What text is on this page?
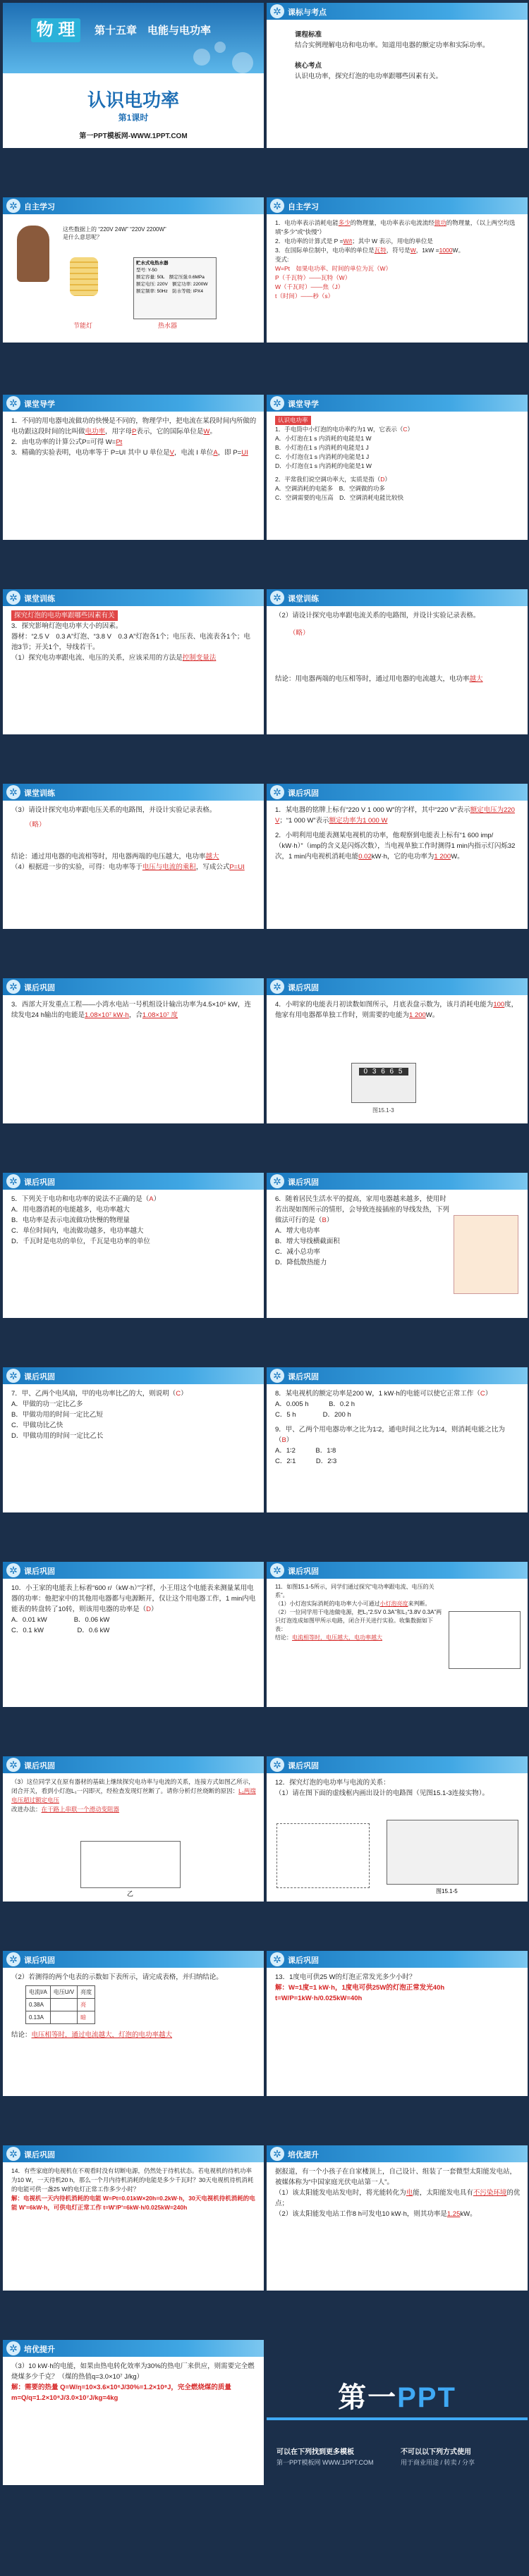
物 理	第十五章　电能与电功率
认识电功率
第1课时
第一PPT模板网-WWW.1PPT.COM
✲ 课标与考点

课程标准

结合实例理解电功和电功率。知道用电器的额定功率和实际功率。

核心考点

认识电功率，探究灯泡的电功率跟哪些因素有关。

✲ 自主学习
这些数据上的 “220V 24W” “220V 2200W” 是什么意思呢？
贮水式电热水器
型号: Y-50
额定容量: 50L　额定压强:0.6MPa
额定电压: 220V　额定功率: 2200W
额定频率: 50Hz　防水等级: IPX4
节能灯	热水器
✲ 自主学习

1．电功率表示消耗电能多少的物理量，电功率表示电流流经做功的物理量，（以上两空均选填“多少”或“快慢”）

2．电功率的计算式是 P =W/t；其中 W 表示，用电的单位是

3．在国际单位制中，电功率的单位是瓦特，符号是W，1kW =1000W。

变式:

W=Pt　如果电功率、时间的单位为瓦（W）

P（千瓦特）——瓦特（W）

W（千瓦时）——焦（J）

t（时间）——秒（s）

✲ 课堂导学

1．不同的用电器电流做功的快慢是不同的，物理学中，把电流在某段时间内所做的电功跟这段时间的比叫做电功率，用字母P表示，它的国际单位是W。

2．由电功率的计算公式P=可得 W=Pt

3．精确的实验表明，电功率等于 P=UI 其中 U 单位是V，电流 I 单位A，即 P=UI

✲ 课堂导学

认识电功率

1．手电筒中小灯泡的电功率约为1 W，它表示（C）

A．小灯泡在1 s 内消耗的电能是1 W

B．小灯泡在1 s 内消耗的电能是1 J

C．小灯泡在1 s 内消耗的电能是1 J

D．小灯泡在1 s 内消耗的电能是1 W

2．平常我们说空调功率大，实质是指（D）

A．空调消耗的电能多　B．空调做的功多

C．空调需要的电压高　D．空调消耗电能比较快

✲ 课堂训练

探究灯泡的电功率跟哪些因素有关

3．探究影响灯泡电功率大小的因素。

器材：“2.5 V　0.3 A”灯泡、“3.8 V　0.3 A”灯泡各1个；电压表、电流表各1个；电池3节；开关1个，导线若干。

（1）探究电功率跟电流、电压的关系，应该采用的方法是控制变量法

✲ 课堂训练

（2）请设计探究电功率跟电流关系的电路图，并设计实验记录表格。

（略）

结论：用电器两端的电压相等时，通过用电器的电流越大，电功率越大

✲ 课堂训练

（3）请设计探究电功率跟电压关系的电路图，并设计实验记录表格。

（略）

结论：通过用电器的电流相等时，用电器两端的电压越大，电功率越大

（4）根据进一步的实验，可得：电功率等于电压与电流的乘积，写成公式P=UI

✲ 课后巩固

1．某电器的铭牌上标有“220 V 1 000 W”的字样，其中“220 V”表示额定电压为220 V；“1 000 W”表示额定功率为1 000 W

2．小明利用电能表测某电视机的功率，他观察到电能表上标有“1 600 imp/（kW·h）”（imp的含义是闪烁次数），当电视单独工作时测得1 min内指示灯闪烁32次，1 min内电视机消耗电能0.02kW·h，它的电功率为1 200W。

✲ 课后巩固

3．西部大开发重点工程——小湾水电站一号机组设计输出功率为4.5×10⁵ kW，连续发电24 h输出的电能是1.08×10⁷ kW·h，合1.08×10⁷ 度

✲ 课后巩固

4．小明家的电能表月初读数如图所示，月底表盘示数为，该月消耗电能为100度，他家有用电器都单独工作时，则需要的电能为1 200W。

0 3 6 6 5
图15.1-3
✲ 课后巩固

5．下列关于电功和电功率的说法不正确的是（A）

A．用电器消耗的电能越多，电功率越大

B．电功率是表示电流做功快慢的物理量

C．单位时间内，电流做功越多，电功率越大

D．千瓦时是电功的单位，千瓦是电功率的单位

✲ 课后巩固

6．随着居民生活水平的提高，家用电器越来越多，使用时若出现如图所示的情形，会导致连接插座的导线发热，下列做法可行的是（B）

A．增大电功率

B．增大导线横截面积

C．减小总功率

D．降低散热能力

✲ 课后巩固

7．甲、乙两个电风扇，甲的电功率比乙的大，则说明（C）

A．甲做的功一定比乙多

B．甲做功用的时间一定比乙短

C．甲做功比乙快

D．甲做功用的时间一定比乙长

✲ 课后巩固

8．某电视机的额定功率是200 W，1 kW·h的电能可以使它正常工作（C）

A．0.005 h　　　	B．0.2 h

C．5 h　　　　	D．200 h

9．甲、乙两个用电器功率之比为1∶2，通电时间之比为1∶4，则消耗电能之比为（B）

A．1∶2　　　	B．1∶8

C．2∶1　　　	D．2∶3

✲ 课后巩固

10．小王家的电能表上标着“600 r/（kW·h）”字样，小王用这个电能表来测量某用电器的功率：他把家中的其他用电器都与电源断开，仅让这个用电器工作，1 min内电能表的转盘转了10转，则该用电器的功率是（D）

A．0.01 kW　　　　	B．0.06 kW

C．0.1 kW　　　　　	D．0.6 kW

✲ 课后巩固

11．如图15.1-5所示，同学们通过探究“电功率跟电流、电压的关系”。

（1）小灯泡实际消耗的电功率大小可通过小灯泡亮度来判断。

（2）一位同学用干电池做电源，把L₁“2.5V 0.3A”和L₂“3.8V 0.3A”两只灯泡连成如图甲所示电路，闭合开关进行实验。收集数据如下表：

结论：电流相等时，电压越大，电功率越大

✲ 课后巩固

（3）这位同学又在原有器材的基础上继续探究电功率与电流的关系，连接方式如图乙所示，闭合开关，看到小灯泡L₁一闪即灭，经检查发现灯丝断了。请你分析灯丝烧断的原因：L₁两端电压超过额定电压

改进办法：在干路上串联一个滑动变阻器

乙
✲ 课后巩固

12．探究灯泡的电功率与电流的关系：

（1）请在图下面的虚线框内画出设计的电路图（见图15.1-3连接实物）。

图15.1-5
✲ 课后巩固

（2）若测得的两个电表的示数如下表所示，请完成表格，并归纳结论。

电流I/A	电压U/V	亮度
0.38A		亮
0.13A		暗

结论：电压相等时，通过电流越大，灯泡的电功率越大

✲ 课后巩固

13．1度电可供25 W的灯泡正常发光多少小时？

解：W=1度=1 kW·h，1度电可供25W的灯泡正常发光40h

t=W/P=1kW·h/0.025kW=40h

✲ 课后巩固

14．有些家庭的电视机在不观看时没有切断电源，仍然处于待机状态。若电视机的待机功率为10 W，一天待机20 h，那么一个月内待机消耗的电能是多少千瓦时？30天电视机待机消耗的电能可供一盏25 W的电灯正常工作多少小时？

解：电视机一天内待机消耗的电能 W=Pt=0.01kW×20h=0.2kW·h，30天电视机待机消耗的电能 W'=6kW·h，可供电灯正常工作 t=W'/P'=6kW·h/0.025kW=240h

✲ 培优提升

据报道，有一个小孩子在自家楼顶上，自己设计、组装了一套微型太阳能发电站，被媒体称为“中国家庭光伏电站第一人”。

（1）该太阳能发电站发电时，将光能转化为电能，太阳能发电具有不污染环境的优点；

（2）该太阳能发电站工作8 h可发电10 kW·h，则其功率是1.25kW。

✲ 培优提升

（3）10 kW·h的电能，如果由热电转化效率为30%的热电厂来供应，则需要完全燃烧煤多少千克？（煤的热值q=3.0×10⁷ J/kg）

解：需要的热量 Q=W/η=10×3.6×10⁶J/30%=1.2×10⁸J，完全燃烧煤的质量 m=Q/q=1.2×10⁸J/3.0×10⁷J/kg=4kg	第一PPT
可以在下列找到更多模板
第一PPT模板网 WWW.1PPT.COM
不可以以下列方式使用
用于商业用途 / 转卖 / 分享
